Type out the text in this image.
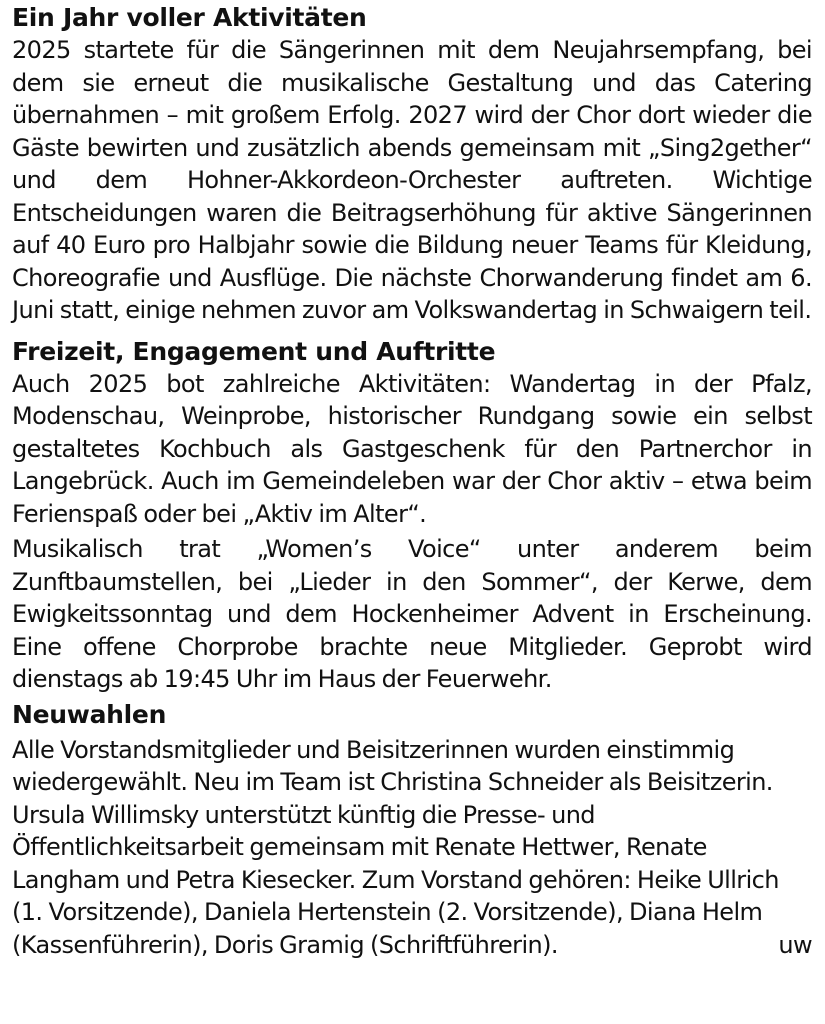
Ein Jahr voller Aktivitäten

2025 startete für die Sängerinnen mit dem Neujahrsempfang, bei dem sie erneut die musikalische Gestaltung und das Catering übernahmen – mit großem Erfolg. 2027 wird der Chor dort wieder die Gäste bewirten und zusätzlich abends gemeinsam mit „Sing2gether“ und dem Hohner-Akkordeon-Orchester auftreten. Wichtige Entscheidungen waren die Beitragserhöhung für aktive Sängerinnen auf 40 Euro pro Halbjahr sowie die Bildung neuer Teams für Kleidung, Choreografie und Ausflüge. Die nächste Chorwanderung findet am 6. Juni statt, einige nehmen zuvor am Volkswandertag in Schwaigern teil.

Freizeit, Engagement und Auftritte

Auch 2025 bot zahlreiche Aktivitäten: Wandertag in der Pfalz, Modenschau, Weinprobe, historischer Rundgang sowie ein selbst gestaltetes Kochbuch als Gastgeschenk für den Partnerchor in Langebrück. Auch im Gemeindeleben war der Chor aktiv – etwa beim Ferienspaß oder bei „Aktiv im Alter“.

Musikalisch trat „Women’s Voice“ unter anderem beim Zunftbaumstellen, bei „Lieder in den Sommer“, der Kerwe, dem Ewigkeitssonntag und dem Hockenheimer Advent in Erscheinung. Eine offene Chorprobe brachte neue Mitglieder. Geprobt wird dienstags ab 19:45 Uhr im Haus der Feuerwehr.

Neuwahlen
Alle Vorstandsmitglieder und Beisitzerinnen wurden einstimmig wiedergewählt. Neu im Team ist Christina Schneider als Beisitzerin. Ursula Willimsky unterstützt künftig die Presse- und Öffentlichkeitsarbeit gemeinsam mit Renate Hettwer, Renate Langham und Petra Kiesecker. Zum Vorstand gehören: Heike Ullrich (1. Vorsitzende), Daniela Hertenstein (2. Vorsitzende), Diana Helm (Kassenführerin), Doris Gramig (Schriftführerin).	uw
